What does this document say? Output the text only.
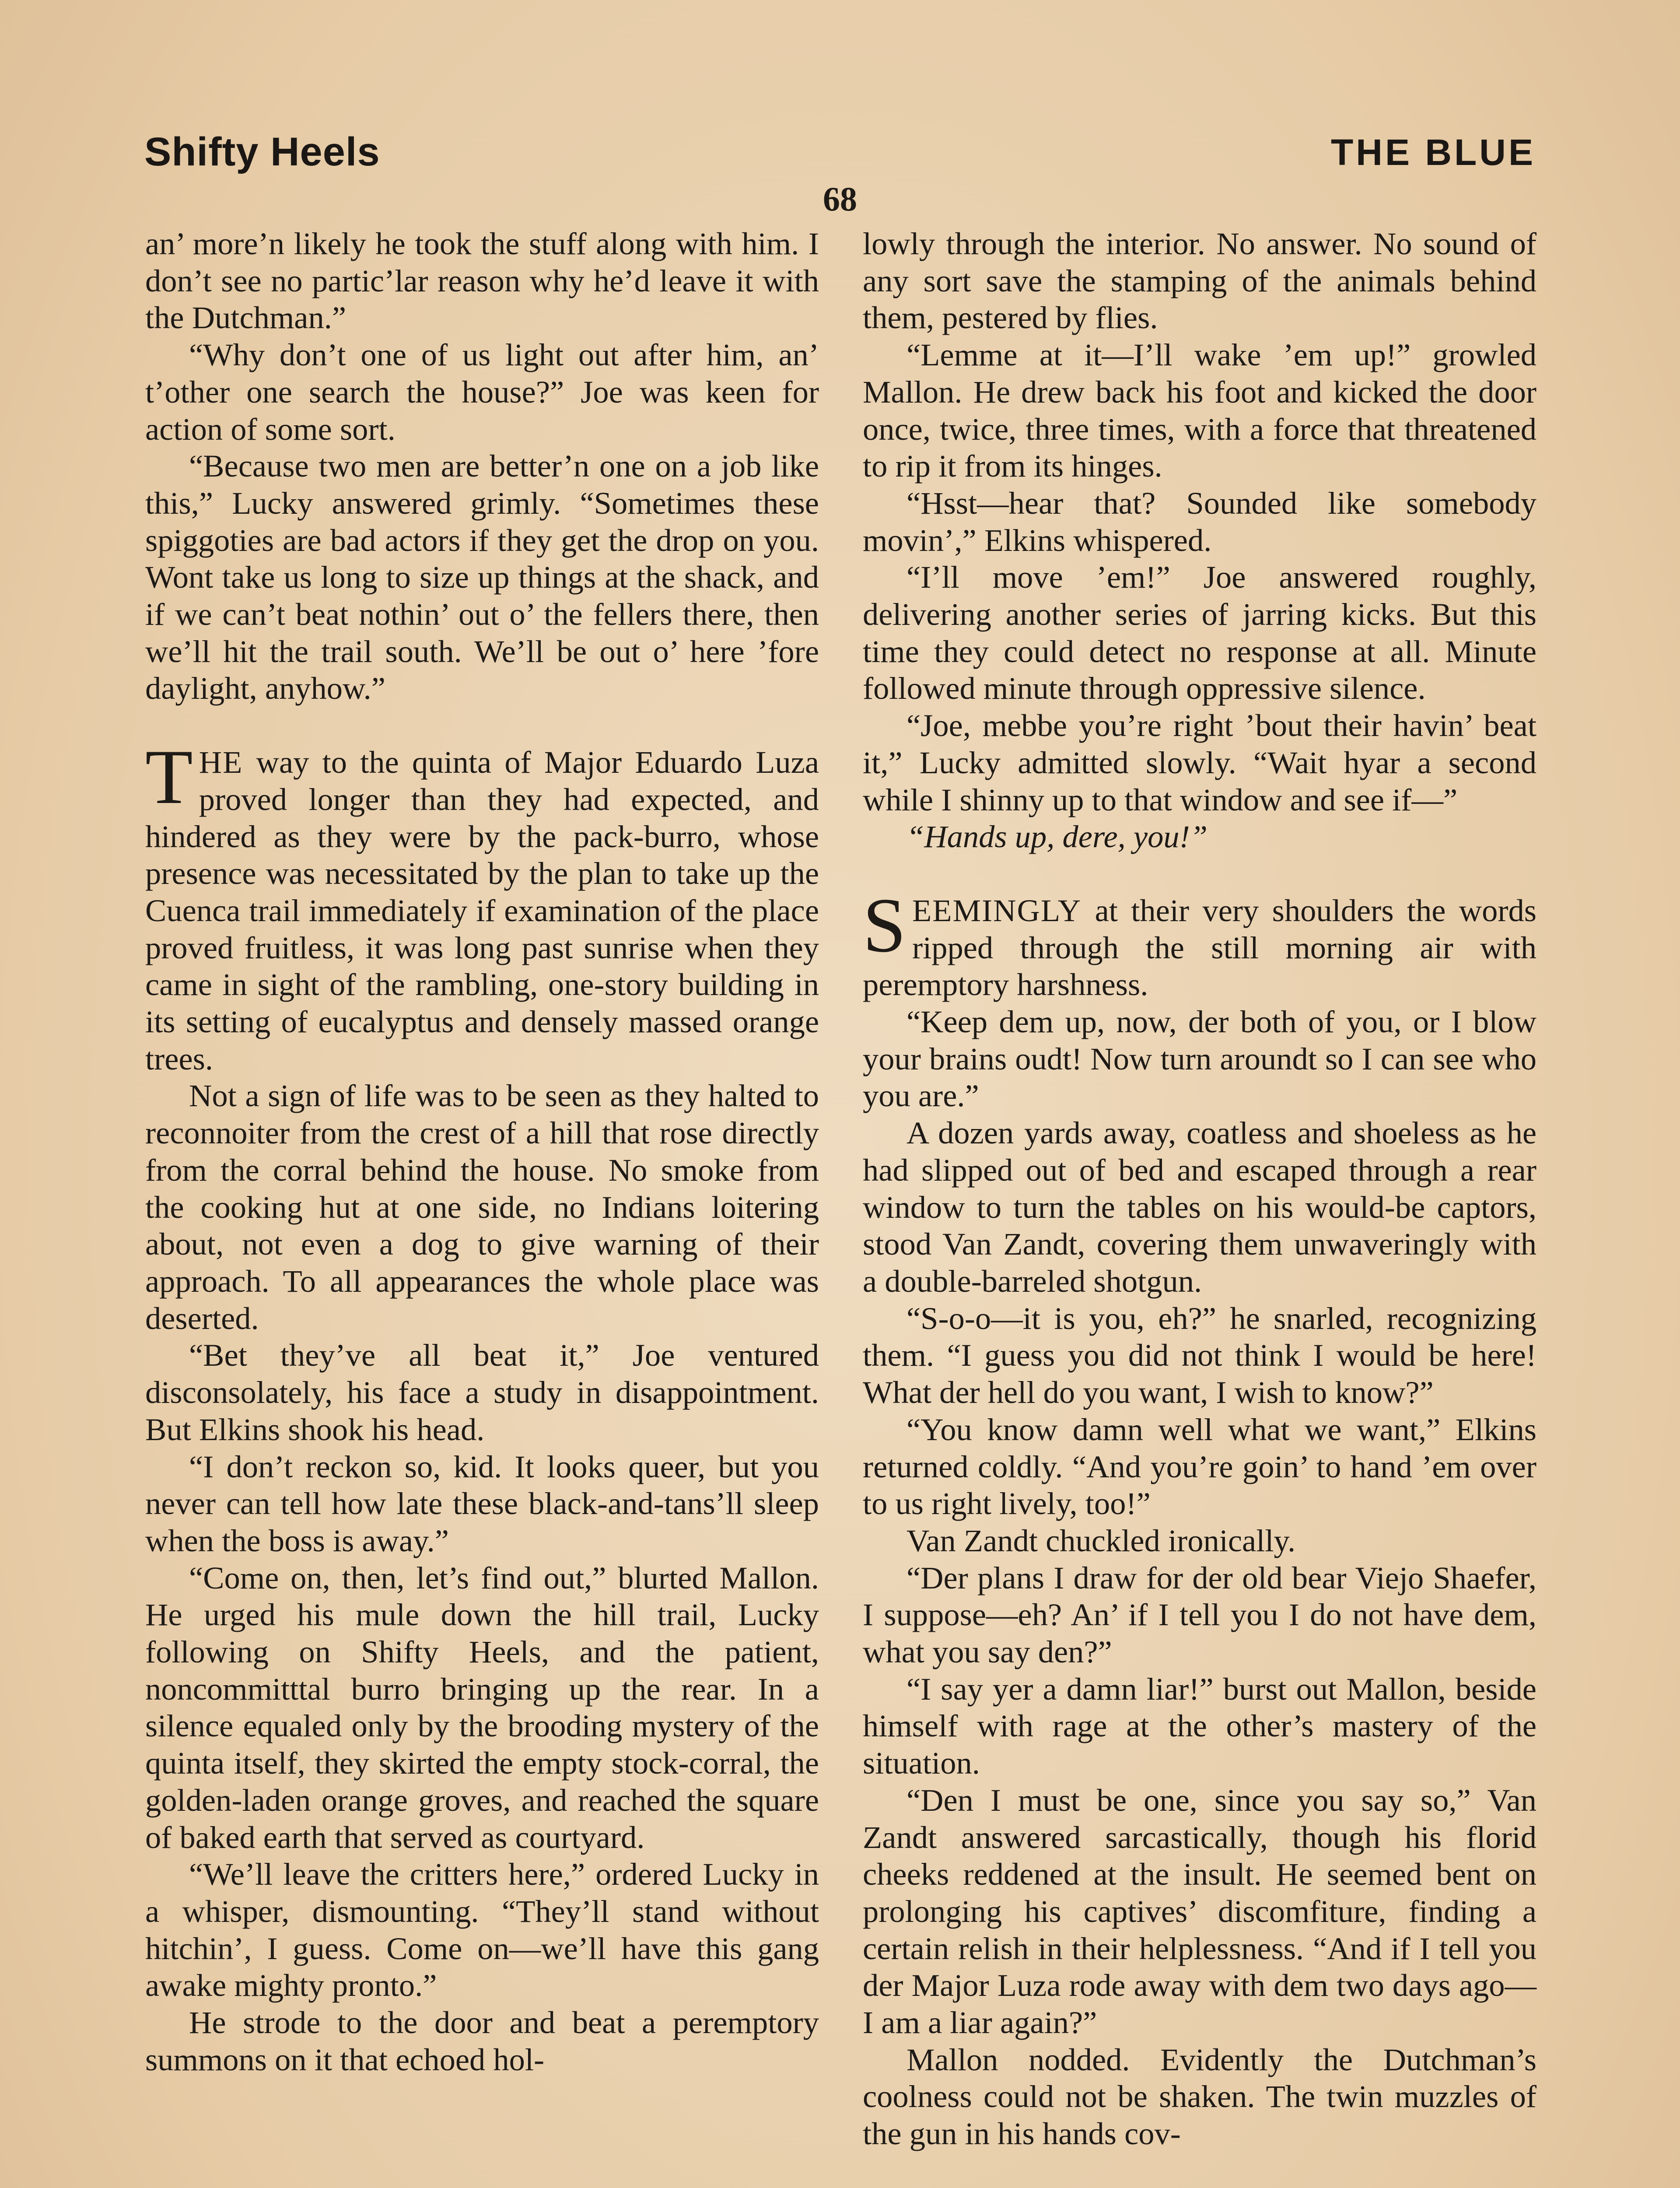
Shifty Heels	THE BLUE
68

an’ more’n likely he took the stuff along with him. I don’t see no partic’lar reason why he’d leave it with the Dutchman.”

“Why don’t one of us light out after him, an’ t’other one search the house?” Joe was keen for action of some sort.

“Because two men are better’n one on a job like this,” Lucky answered grimly. “Sometimes these spiggoties are bad actors if they get the drop on you. Wont take us long to size up things at the shack, and if we can’t beat nothin’ out o’ the fellers there, then we’ll hit the trail south. We’ll be out o’ here ’fore daylight, anyhow.”

THE way to the quinta of Major Eduardo Luza proved longer than they had expected, and hindered as they were by the pack-burro, whose presence was necessitated by the plan to take up the Cuenca trail immediately if examination of the place proved fruitless, it was long past sunrise when they came in sight of the rambling, one-story building in its setting of eucalyptus and densely massed orange trees.

Not a sign of life was to be seen as they halted to reconnoiter from the crest of a hill that rose directly from the corral behind the house. No smoke from the cooking hut at one side, no Indians loitering about, not even a dog to give warning of their approach. To all appearances the whole place was deserted.

“Bet they’ve all beat it,” Joe ventured disconsolately, his face a study in disappointment. But Elkins shook his head.

“I don’t reckon so, kid. It looks queer, but you never can tell how late these black-and-tans’ll sleep when the boss is away.”

“Come on, then, let’s find out,” blurted Mallon. He urged his mule down the hill trail, Lucky following on Shifty Heels, and the patient, noncommitttal burro bringing up the rear. In a silence equaled only by the brooding mystery of the quinta itself, they skirted the empty stock-corral, the golden-laden orange groves, and reached the square of baked earth that served as courtyard.

“We’ll leave the critters here,” ordered Lucky in a whisper, dismounting. “They’ll stand without hitchin’, I guess. Come on—we’ll have this gang awake mighty pronto.”

He strode to the door and beat a peremptory summons on it that echoed hol-

lowly through the interior. No answer. No sound of any sort save the stamping of the animals behind them, pestered by flies.

“Lemme at it—I’ll wake ’em up!” growled Mallon. He drew back his foot and kicked the door once, twice, three times, with a force that threatened to rip it from its hinges.

“Hsst—hear that? Sounded like somebody movin’,” Elkins whispered.

“I’ll move ’em!” Joe answered roughly, delivering another series of jarring kicks. But this time they could detect no response at all. Minute followed minute through oppressive silence.

“Joe, mebbe you’re right ’bout their havin’ beat it,” Lucky admitted slowly. “Wait hyar a second while I shinny up to that window and see if—”

“Hands up, dere, you!”

SEEMINGLY at their very shoulders the words ripped through the still morning air with peremptory harshness.

“Keep dem up, now, der both of you, or I blow your brains oudt! Now turn aroundt so I can see who you are.”

A dozen yards away, coatless and shoeless as he had slipped out of bed and escaped through a rear window to turn the tables on his would-be captors, stood Van Zandt, covering them unwaveringly with a double-barreled shotgun.

“S-o-o—it is you, eh?” he snarled, recognizing them. “I guess you did not think I would be here! What der hell do you want, I wish to know?”

“You know damn well what we want,” Elkins returned coldly. “And you’re goin’ to hand ’em over to us right lively, too!”

Van Zandt chuckled ironically.

“Der plans I draw for der old bear Viejo Shaefer, I suppose—eh? An’ if I tell you I do not have dem, what you say den?”

“I say yer a damn liar!” burst out Mallon, beside himself with rage at the other’s mastery of the situation.

“Den I must be one, since you say so,” Van Zandt answered sarcastically, though his florid cheeks reddened at the insult. He seemed bent on prolonging his captives’ discomfiture, finding a certain relish in their helplessness. “And if I tell you der Major Luza rode away with dem two days ago—I am a liar again?”

Mallon nodded. Evidently the Dutchman’s coolness could not be shaken. The twin muzzles of the gun in his hands cov-
